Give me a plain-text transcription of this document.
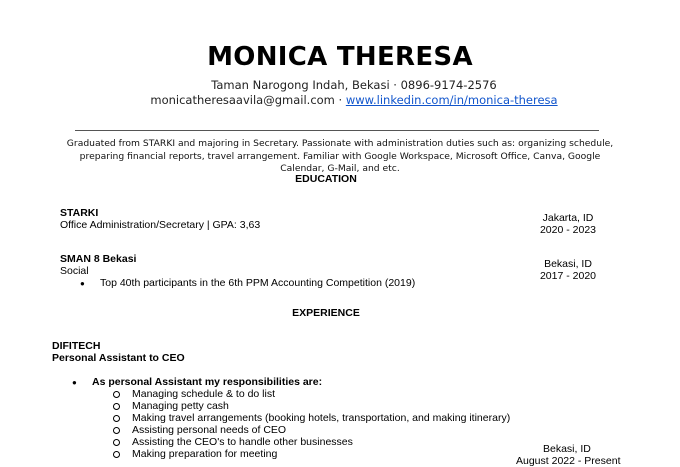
MONICA THERESA
Taman Narogong Indah, Bekasi · 0896-9174-2576
monicatheresaavila@gmail.com · www.linkedin.com/in/monica-theresa
Graduated from STARKI and majoring in Secretary. Passionate with administration duties such as: organizing schedule, preparing financial reports, travel arrangement. Familiar with Google Workspace, Microsoft Office, Canva, Google Calendar, G-Mail, and etc.
EDUCATION
STARKI
Office Administration/Secretary | GPA: 3,63
Jakarta, ID
2020 - 2023
SMAN 8 Bekasi
Social
● Top 40th participants in the 6th PPM Accounting Competition (2019)
Bekasi, ID
2017 - 2020
EXPERIENCE
DIFITECH
Personal Assistant to CEO
● As personal Assistant my responsibilities are:
Managing schedule & to do list
Managing petty cash
Making travel arrangements (booking hotels, transportation, and making itinerary)
Assisting personal needs of CEO
Assisting the CEO's to handle other businesses
Making preparation for meeting	Bekasi, ID
August 2022 - Present
